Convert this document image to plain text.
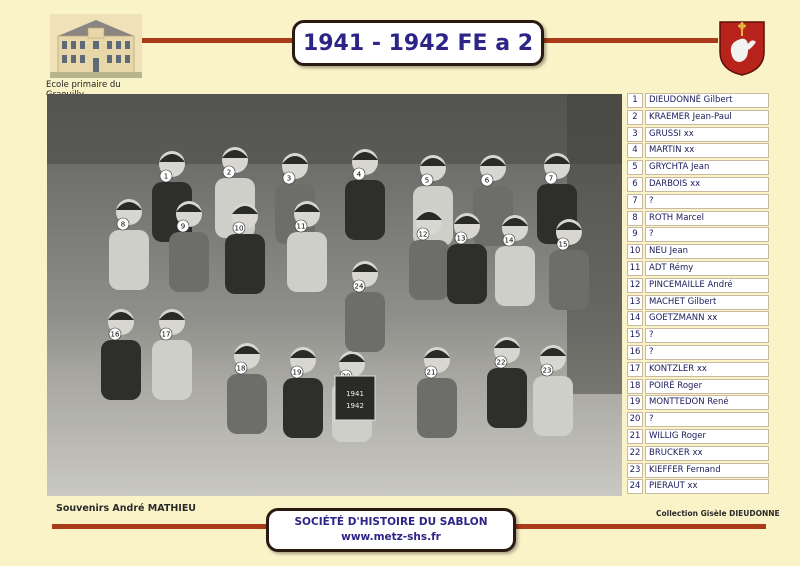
Ecole primaire du
1941 - 1942 FE a 2
1	2
3	4
5	6	7
8	9	10	11
12	13	14	15
16	17
18	19	21
22
23
24
1941
1942
Souvenirs André MATHIEU	Collection Gisèle DIEUDONNE
SOCIÉTÉ D'HISTOIRE DU SABLON
www.metz-shs.fr
1	DIEUDONNÉ Gilbert
2	KRAEMER Jean-Paul
3	GRUSSI xx
4	MARTIN xx
5	GRYCHTA Jean
6	DARBOIS xx
7	?
8	ROTH Marcel
9	?
10	NEU Jean
11	ADT Rémy
12	PINCEMAILLE André
13	MACHET Gilbert
14	GOETZMANN xx
15	?
16	?
17	KONTZLER xx
18	POIRÉ Roger
19	MONTTEDON René
20	?
21	WILLIG Roger
22	BRUCKER xx
23	KIEFFER Fernand
24	PIERAUT xx
